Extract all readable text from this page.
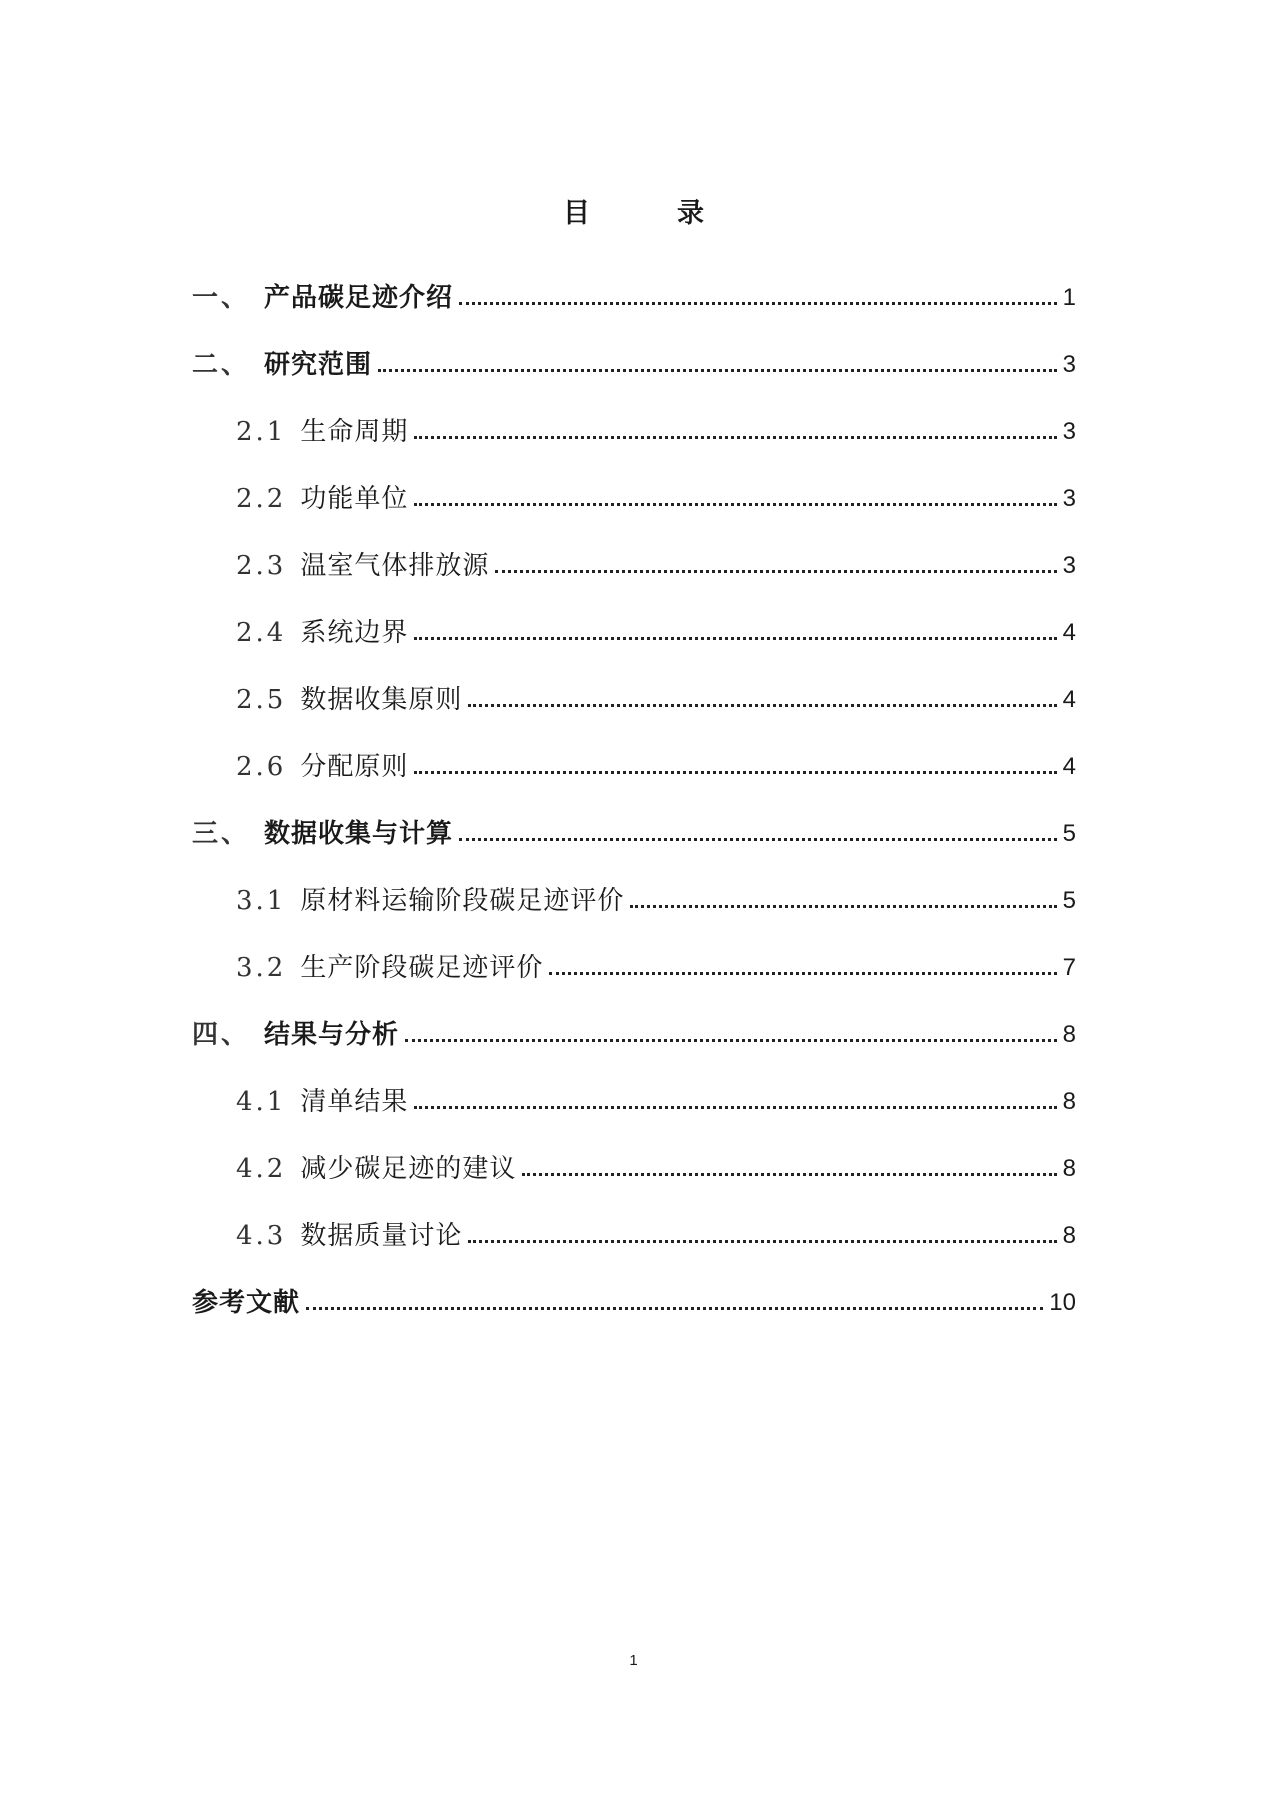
目　录
一、 产品碳足迹介绍	1
二、 研究范围	3
2.1 生命周期	3
2.2 功能单位	3
2.3 温室气体排放源	3
2.4 系统边界	4
2.5 数据收集原则	4
2.6 分配原则	4
三、 数据收集与计算	5
3.1 原材料运输阶段碳足迹评价	5
3.2 生产阶段碳足迹评价	7
四、 结果与分析	8
4.1 清单结果	8
4.2 减少碳足迹的建议	8
4.3 数据质量讨论	8
参考文献	10
1
